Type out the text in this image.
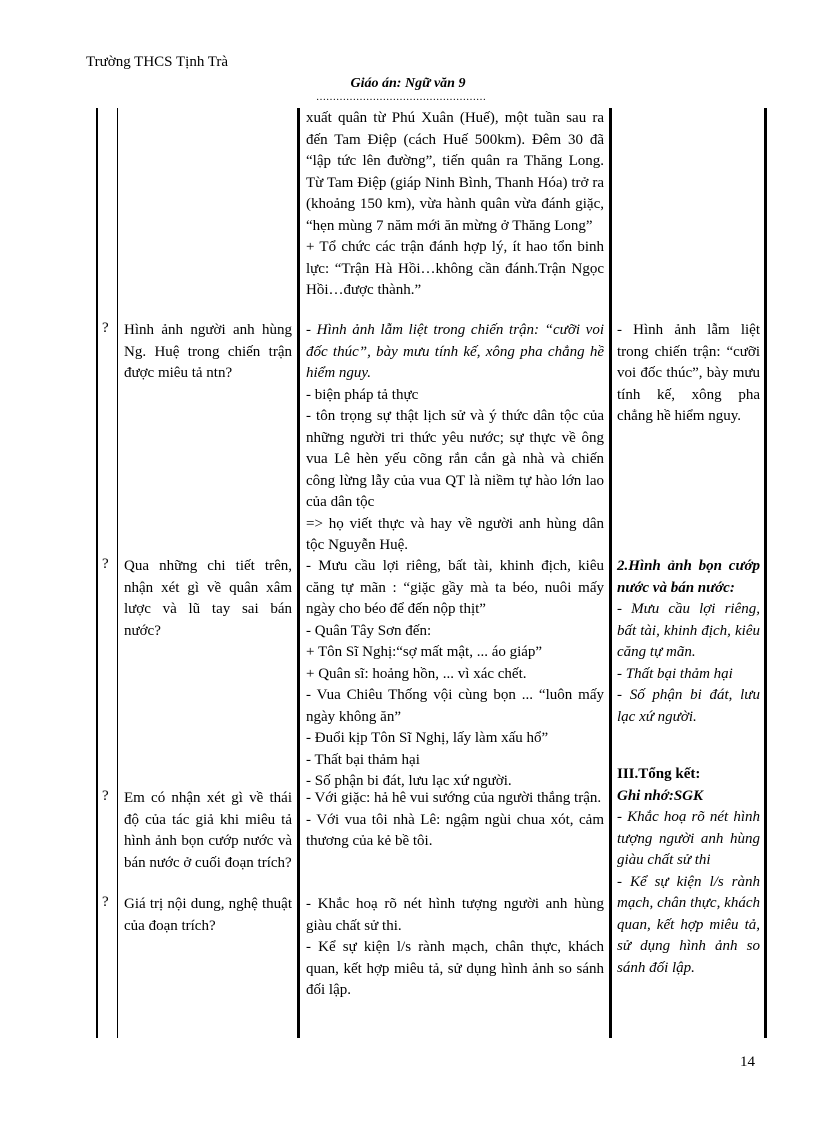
Trường THCS Tịnh Trà
Giáo án: Ngữ văn 9
……………………………………………

xuất quân từ Phú Xuân (Huế), một tuần sau ra đến Tam Điệp (cách Huế 500km). Đêm 30 đã “lập tức lên đường”, tiến quân ra Thăng Long. Từ Tam Điệp (giáp Ninh Bình, Thanh Hóa) trở ra (khoảng 150 km), vừa hành quân vừa đánh giặc, “hẹn mùng 7 năm mới ăn mừng ở Thăng Long”

+ Tổ chức các trận đánh hợp lý, ít hao tổn binh lực: “Trận Hà Hồi…không cần đánh.Trận Ngọc Hồi…được thành.”

? Hình ảnh người anh hùng Ng. Huệ trong chiến trận được miêu tả ntn?

- Hình ảnh lẫm liệt trong chiến trận: “cưỡi voi đốc thúc”, bày mưu tính kế, xông pha chẳng hề hiểm nguy.

- biện pháp tả thực

- tôn trọng sự thật lịch sử và ý thức dân tộc của những người tri thức yêu nước; sự thực về ông vua Lê hèn yếu cõng rắn cắn gà nhà và chiến công lừng lẫy của vua QT là niềm tự hào lớn lao của dân tộc

=> họ viết thực và hay về người anh hùng dân tộc Nguyễn Huệ.

- Hình ảnh lẫm liệt trong chiến trận: “cưỡi voi đốc thúc”, bày mưu tính kế, xông pha chẳng hề hiểm nguy.

? Qua những chi tiết trên, nhận xét gì về quân xâm lược và lũ tay sai bán nước?

- Mưu cầu lợi riêng, bất tài, khinh địch, kiêu căng tự mãn : “giặc gầy mà ta béo, nuôi mấy ngày cho béo để đến nộp thịt”

- Quân Tây Sơn đến:

+ Tôn Sĩ Nghị:“sợ mất mật, ... áo giáp”

+ Quân sĩ: hoảng hồn, ... vì xác chết.

- Vua Chiêu Thống vội cùng bọn ... “luôn mấy ngày không ăn”

- Đuổi kịp Tôn Sĩ Nghị, lấy làm xấu hổ”

- Thất bại thảm hại

- Số phận bi đát, lưu lạc xứ người.

2.Hình ảnh bọn cướp nước và bán nước:

- Mưu cầu lợi riêng, bất tài, khinh địch, kiêu căng tự mãn.

- Thất bại thảm hại

- Số phận bi đát, lưu lạc xứ người.

? Em có nhận xét gì về thái độ của tác giả khi miêu tả hình ảnh bọn cướp nước và bán nước ở cuối đoạn trích?

- Với giặc: hả hê vui sướng của người thắng trận.

- Với vua tôi nhà Lê: ngậm ngùi chua xót, cảm thương của kẻ bề tôi.

III.Tổng kết:

Ghi nhớ:SGK

- Khắc hoạ rõ nét hình tượng người anh hùng giàu chất sử thi

- Kể sự kiện l/s rành mạch, chân thực, khách quan, kết hợp miêu tả, sử dụng hình ảnh so sánh đối lập.

? Giá trị nội dung, nghệ thuật của đoạn trích?

- Khắc hoạ rõ nét hình tượng người anh hùng giàu chất sử thi.

- Kể sự kiện l/s rành mạch, chân thực, khách quan, kết hợp miêu tả, sử dụng hình ảnh so sánh đối lập.

14
